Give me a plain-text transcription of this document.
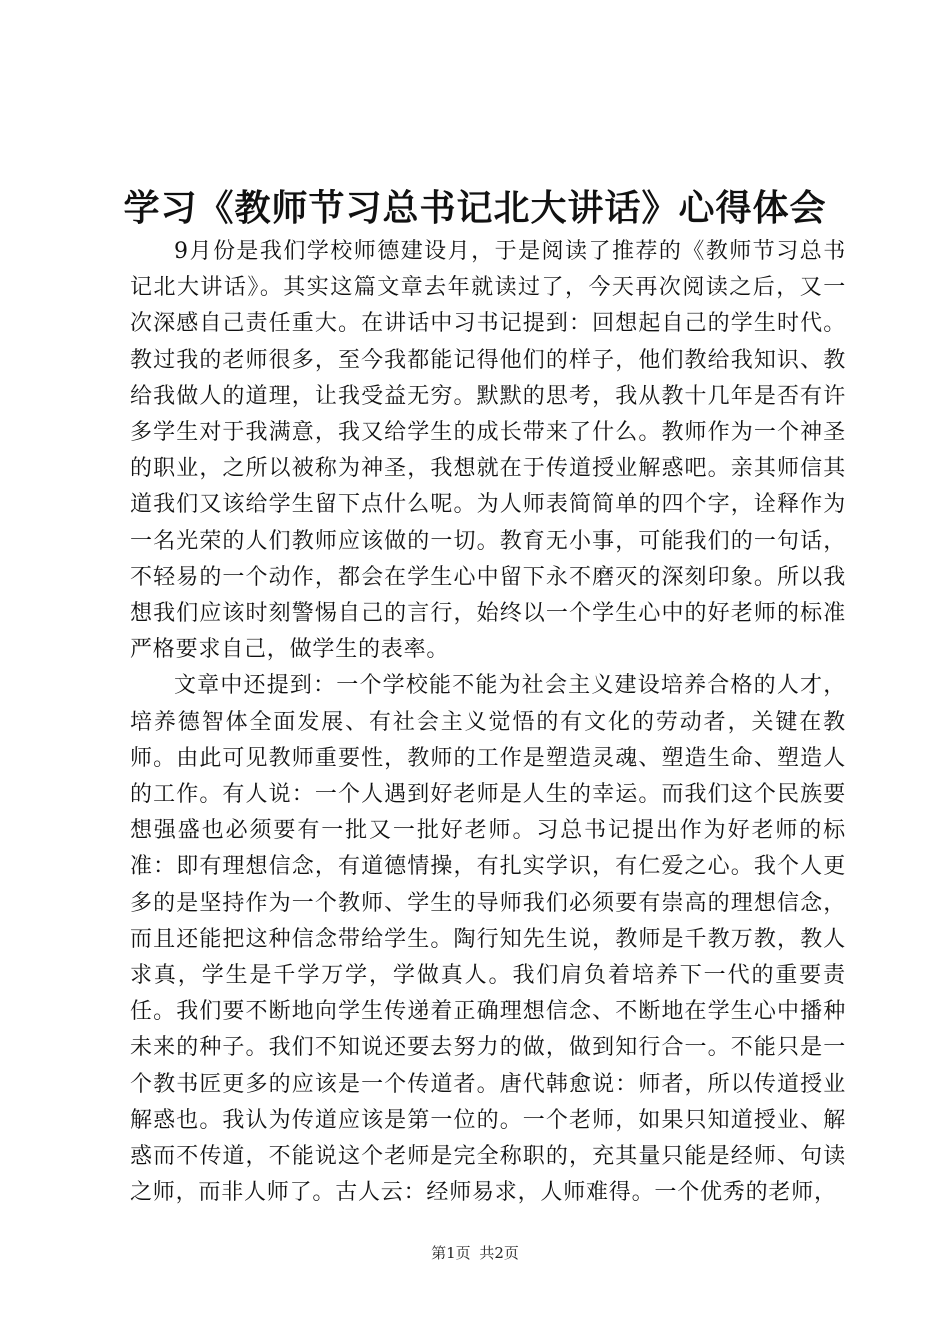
学习《教师节习总书记北大讲话》心得体会

9月份是我们学校师德建设月，于是阅读了推荐的《教师节习总书记北大讲话》。其实这篇文章去年就读过了，今天再次阅读之后，又一次深感自己责任重大。在讲话中习书记提到：回想起自己的学生时代。教过我的老师很多，至今我都能记得他们的样子，他们教给我知识、教给我做人的道理，让我受益无穷。默默的思考，我从教十几年是否有许多学生对于我满意，我又给学生的成长带来了什么。教师作为一个神圣的职业，之所以被称为神圣，我想就在于传道授业解惑吧。亲其师信其道我们又该给学生留下点什么呢。为人师表简简单的四个字，诠释作为一名光荣的人们教师应该做的一切。教育无小事，可能我们的一句话，不轻易的一个动作，都会在学生心中留下永不磨灭的深刻印象。所以我想我们应该时刻警惕自己的言行，始终以一个学生心中的好老师的标准严格要求自己，做学生的表率。

文章中还提到：一个学校能不能为社会主义建设培养合格的人才，培养德智体全面发展、有社会主义觉悟的有文化的劳动者，关键在教师。由此可见教师重要性，教师的工作是塑造灵魂、塑造生命、塑造人的工作。有人说：一个人遇到好老师是人生的幸运。而我们这个民族要想强盛也必须要有一批又一批好老师。习总书记提出作为好老师的标准：即有理想信念，有道德情操，有扎实学识，有仁爱之心。我个人更多的是坚持作为一个教师、学生的导师我们必须要有崇高的理想信念，而且还能把这种信念带给学生。陶行知先生说，教师是千教万教，教人求真，学生是千学万学，学做真人。我们肩负着培养下一代的重要责任。我们要不断地向学生传递着正确理想信念、不断地在学生心中播种未来的种子。我们不知说还要去努力的做，做到知行合一。不能只是一个教书匠更多的应该是一个传道者。唐代韩愈说：师者，所以传道授业解惑也。我认为传道应该是第一位的。一个老师，如果只知道授业、解惑而不传道，不能说这个老师是完全称职的，充其量只能是经师、句读之师，而非人师了。古人云：经师易求，人师难得。一个优秀的老师，

第1页 共2页
